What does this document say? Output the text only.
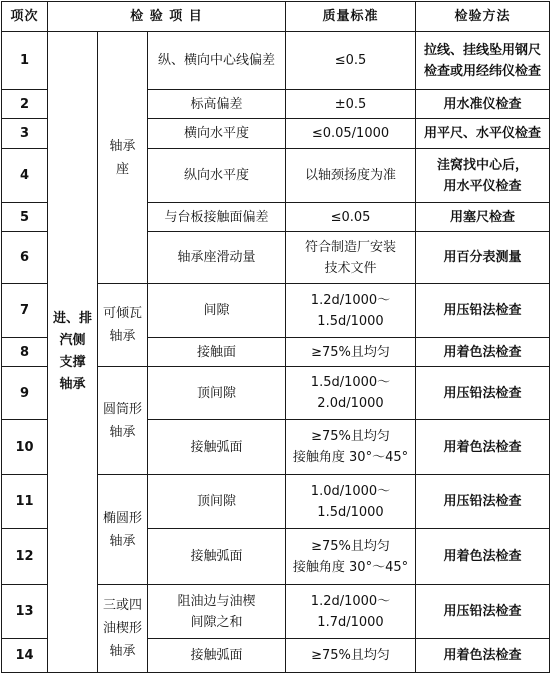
项次	检 验 项 目			质量标准	检验方法
1	进、排
汽侧
支撑
轴承	轴承
座	纵、横向中心线偏差	≤0.5	拉线、挂线坠用钢尺
检查或用经纬仪检查

2			标高偏差	±0.5	用水准仪检查

3			横向水平度	≤0.05/1000	用平尺、水平仪检查

4			纵向水平度	以轴颈扬度为准	洼窝找中心后，
用水平仪检查

5			与台板接触面偏差	≤0.05	用塞尺检查

6			轴承座滑动量	符合制造厂安装
技术文件	用百分表测量

7		可倾瓦
轴承	间隙	1.2d/1000～
1.5d/1000	用压铅法检查

8			接触面	≥75%且均匀	用着色法检查

9		圆筒形
轴承	顶间隙	1.5d/1000～
2.0d/1000	用压铅法检查

10			接触弧面	≥75%且均匀
接触角度 30°～45°	用着色法检查

11		椭圆形
轴承	顶间隙	1.0d/1000～
1.5d/1000	用压铅法检查

12			接触弧面	≥75%且均匀
接触角度 30°～45°	用着色法检查

13		三或四
油楔形
轴承	阻油边与油楔
间隙之和	1.2d/1000～
1.7d/1000	用压铅法检查

14			接触弧面	≥75%且均匀	用着色法检查
